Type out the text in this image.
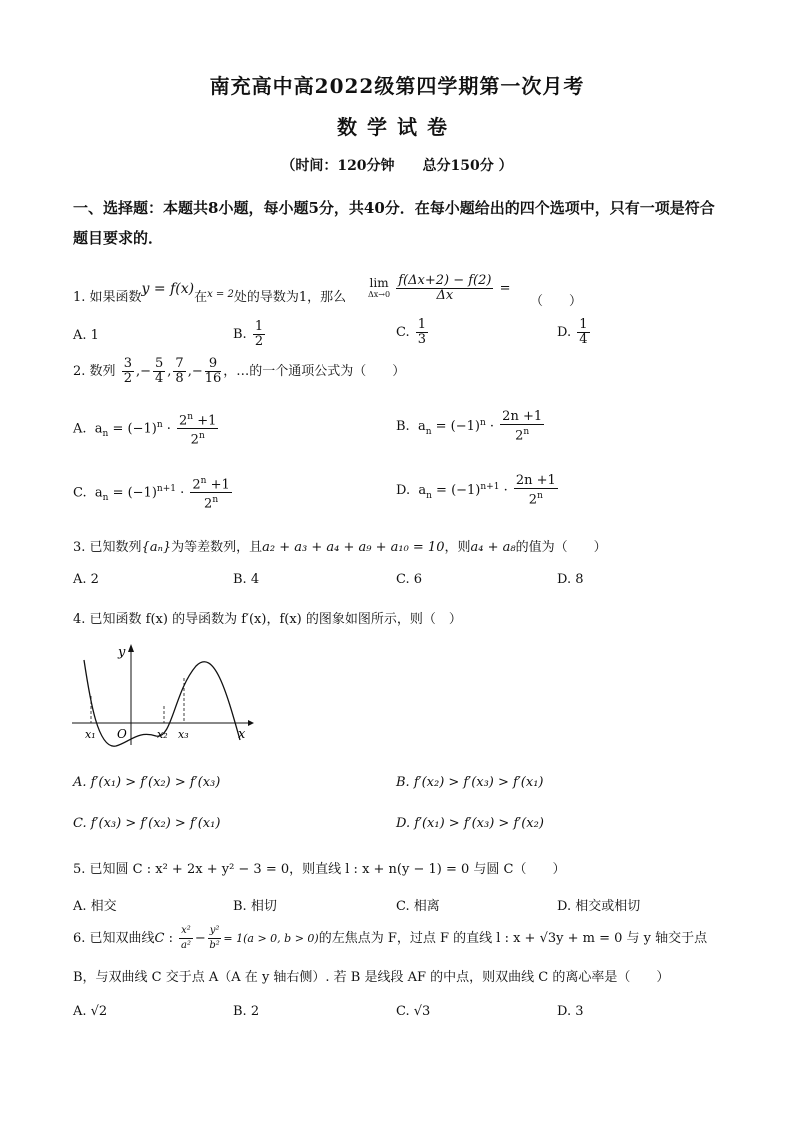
南充高中高2022级第四学期第一次月考
数学试卷
（时间：120分钟　　总分150分 ）
一、选择题：本题共8小题，每小题5分，共40分．在每小题给出的四个选项中，只有一项是符合题目要求的．
1. 如果函数y = f(x)在$^{x = 2}$处的导数为1，那么
lim
Δx→0
$\frac{f(\Delta x+2) - f(2)}{\Delta x}$ =
（　　）
A. 1	B. $\frac{1}{2}$	C. $\frac{1}{3}$	D. $\frac{1}{4}$
2. 数列 $\frac{3}{2}$ ,− $\frac{5}{4}$ , $\frac{7}{8}$ ,− $\frac{9}{16}$ ，…的一个通项公式为（　　）
A.  $a_n = (-1)^n \cdot \frac{2^n +1}{2^n}$	B.  $a_n = (-1)^n \cdot \frac{2n +1}{2^n}$
C.  $a_n = (-1)^{n+1} \cdot \frac{2^n +1}{2^n}$	D.  $a_n = (-1)^{n+1} \cdot \frac{2n +1}{2^n}$
3. 已知数列{aₙ}为等差数列，且a₂ + a₃ + a₄ + a₉ + a₁₀ = 10，则a₄ + a₈的值为（　　）
A. 2	B. 4	C. 6	D. 8
4. 已知函数 f(x) 的导函数为 f′(x)，f(x) 的图象如图所示，则（　）
y
x
O
x₁	x₂ x₃
A. f′(x₁) > f′(x₂) > f′(x₃)	B. f′(x₂) > f′(x₃) > f′(x₁)
C. f′(x₃) > f′(x₂) > f′(x₁)	D. f′(x₁) > f′(x₃) > f′(x₂)
5. 已知圆 C : x² + 2x + y² − 3 = 0，则直线 l : x + n(y − 1) = 0 与圆 C（　　）
A. 相交	B. 相切	C. 相离	D. 相交或相切
6. 已知双曲线C : $\frac{\text{x²}}{\text{a²}} - \frac{\text{y²}}{\text{b²}} = 1(a > 0$, b > 0)的左焦点为 F，过点 F 的直线 l : x + √3y + m = 0 与 y 轴交于点
B，与双曲线 C 交于点 A（A 在 y 轴右侧）. 若 B 是线段 AF 的中点，则双曲线 C 的离心率是（　　）
A. √2	B. 2	C. √3	D. 3
